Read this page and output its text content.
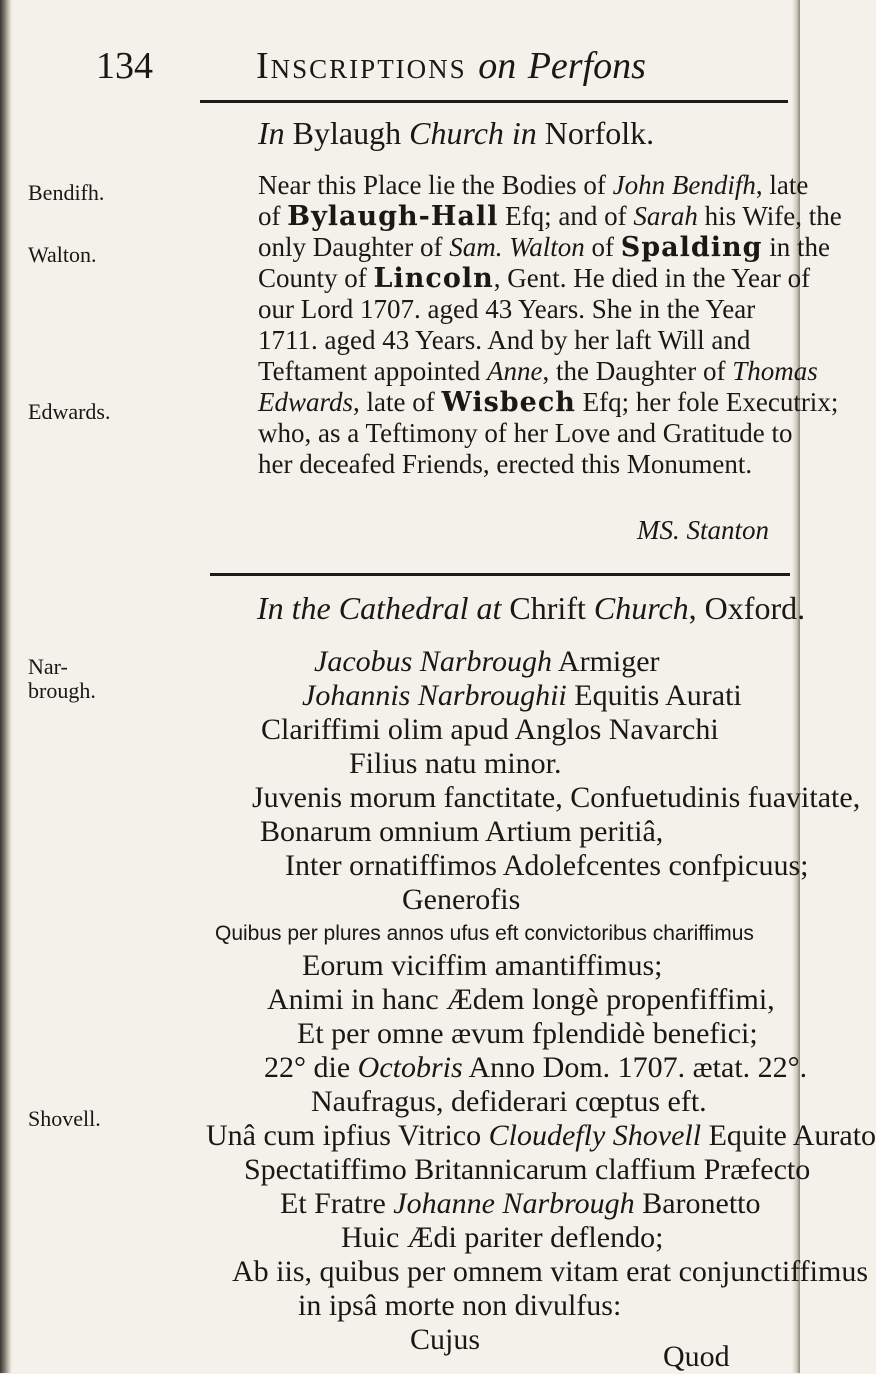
134	Inscriptions on Perfons
In Bylaugh Church in Norfolk.
Bendifh.
Walton.
Edwards.
Near this Place lie the Bodies of John Bendifh, late
of Bylaugh-Hall Efq; and of Sarah his Wife, the
only Daughter of Sam. Walton of Spalding in the
County of Lincoln, Gent. He died in the Year of
our Lord 1707. aged 43 Years. She in the Year
1711. aged 43 Years. And by her laft Will and
Teftament appointed Anne, the Daughter of Thomas
Edwards, late of Wisbech Efq; her fole Executrix;
who, as a Teftimony of her Love and Gratitude to
her deceafed Friends, erected this Monument.
MS. Stanton
In the Cathedral at Chrift Church, Oxford.
Nar-
brough.
Shovell.
Jacobus Narbrough Armiger
Johannis Narbroughii Equitis Aurati
Clariffimi olim apud Anglos Navarchi
Filius natu minor.
Juvenis morum fanctitate, Confuetudinis fuavitate,
Bonarum omnium Artium peritiâ,
Inter ornatiffimos Adolefcentes confpicuus;
Generofis
Quibus per plures annos ufus eft convictoribus chariffimus
Eorum viciffim amantiffimus;
Animi in hanc Ædem longè propenfiffimi,
Et per omne ævum fplendidè benefici;
22° die Octobris Anno Dom. 1707. ætat. 22°.
Naufragus, defiderari cœptus eft.
Unâ cum ipfius Vitrico Cloudefly Shovell Equite Aurato
Spectatiffimo Britannicarum claffium Præfecto
Et Fratre Johanne Narbrough Baronetto
Huic Ædi pariter deflendo;
Ab iis, quibus per omnem vitam erat conjunctiffimus
in ipsâ morte non divulfus:
Cujus
Quod
